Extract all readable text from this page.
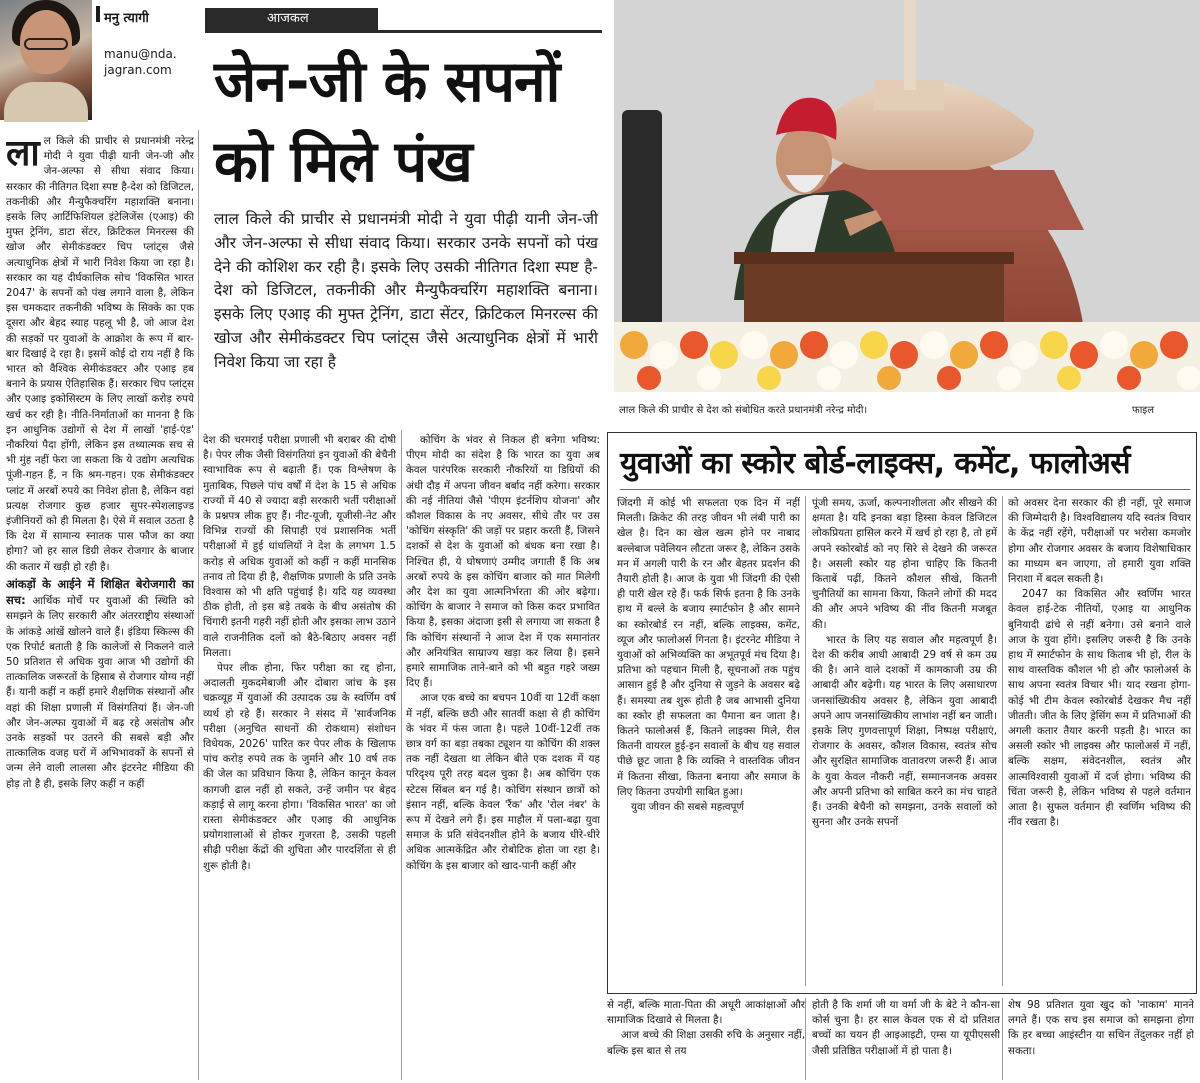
मनु त्यागी
manu@nda.
jagran.com
आजकल
जेन-जी के सपनों को मिले पंख
लाल किले की प्राचीर से प्रधानमंत्री मोदी ने युवा पीढ़ी यानी जेन-जी और जेन-अल्फा से सीधा संवाद किया। सरकार उनके सपनों को पंख देने की कोशिश कर रही है। इसके लिए उसकी नीतिगत दिशा स्पष्ट है-देश को डिजिटल, तकनीकी और मैन्युफैक्चरिंग महाशक्ति बनाना। इसके लिए एआइ की मुफ्त ट्रेनिंग, डाटा सेंटर, क्रिटिकल मिनरल्स की खोज और सेमीकंडक्टर चिप प्लांट्स जैसे अत्याधुनिक क्षेत्रों में भारी निवेश किया जा रहा है
लाल किले की प्राचीर से देश को संबोधित करते प्रधानमंत्री नरेन्द्र मोदी।	फाइल
ला ल किले की प्राचीर से प्रधानमंत्री नरेन्द्र मोदी ने युवा पीढ़ी यानी जेन-जी और जेन-अल्फा से सीधा संवाद किया। सरकार की नीतिगत दिशा स्पष्ट है-देश को डिजिटल, तकनीकी और मैन्युफैक्चरिंग महाशक्ति बनाना। इसके लिए आर्टिफिशियल इंटेलिजेंस (एआइ) की मुफ्त ट्रेनिंग, डाटा सेंटर, क्रिटिकल मिनरल्स की खोज और सेमीकंडक्टर चिप प्लांट्स जैसे अत्याधुनिक क्षेत्रों में भारी निवेश किया जा रहा है। सरकार का यह दीर्घकालिक सोच 'विकसित भारत 2047' के सपनों को पंख लगाने वाला है, लेकिन इस चमकदार तकनीकी भविष्य के सिक्के का एक दूसरा और बेहद स्याह पहलू भी है, जो आज देश की सड़कों पर युवाओं के आक्रोश के रूप में बार-बार दिखाई दे रहा है। इसमें कोई दो राय नहीं है कि भारत को वैश्विक सेमीकंडक्टर और एआइ हब बनाने के प्रयास ऐतिहासिक हैं। सरकार चिप प्लांट्स और एआइ इकोसिस्टम के लिए लाखों करोड़ रुपये खर्च कर रही है। नीति-निर्माताओं का मानना है कि इन आधुनिक उद्योगों से देश में लाखों 'हाई-एंड' नौकरियां पैदा होंगी, लेकिन इस तथ्यात्मक सच से भी मुंह नहीं फेरा जा सकता कि ये उद्योग अत्यधिक पूंजी-गहन हैं, न कि श्रम-गहन। एक सेमीकंडक्टर प्लांट में अरबों रुपये का निवेश होता है, लेकिन वहां प्रत्यक्ष रोजगार कुछ हजार सुपर-स्पेशलाइज्ड इंजीनियरों को ही मिलता है। ऐसे में सवाल उठता है कि देश में सामान्य स्नातक पास फौज का क्या होगा? जो हर साल डिग्री लेकर रोजगार के बाजार की कतार में खड़ी हो रही है।

आंकड़ों के आईने में शिक्षित बेरोजगारी का सच: आर्थिक मोर्चे पर युवाओं की स्थिति को समझने के लिए सरकारी और अंतरराष्ट्रीय संस्थाओं के आंकड़े आंखें खोलने वाले हैं। इंडिया स्किल्स की एक रिपोर्ट बताती है कि कालेजों से निकलने वाले 50 प्रतिशत से अधिक युवा आज भी उद्योगों की तात्कालिक जरूरतों के हिसाब से रोजगार योग्य नहीं हैं। यानी कहीं न कहीं हमारे शैक्षणिक संस्थानों और वहां की शिक्षा प्रणाली में विसंगतियां हैं। जेन-जी और जेन-अल्फा युवाओं में बढ़ रहे असंतोष और उनके सड़कों पर उतरने की सबसे बड़ी और तात्कालिक वजह घरों में अभिभावकों के सपनों से जन्म लेने वाली लालसा और इंटरनेट मीडिया की होड़ तो है ही, इसके लिए कहीं न कहीं

देश की चरमराई परीक्षा प्रणाली भी बराबर की दोषी है। पेपर लीक जैसी विसंगतियां इन युवाओं की बेचैनी स्वाभाविक रूप से बढ़ाती हैं। एक विश्लेषण के मुताबिक, पिछले पांच वर्षों में देश के 15 से अधिक राज्यों में 40 से ज्यादा बड़ी सरकारी भर्ती परीक्षाओं के प्रश्नपत्र लीक हुए हैं। नीट-यूजी, यूजीसी-नेट और विभिन्न राज्यों की सिपाही एवं प्रशासनिक भर्ती परीक्षाओं में हुई धांधलियों ने देश के लगभग 1.5 करोड़ से अधिक युवाओं को कहीं न कहीं मानसिक तनाव तो दिया ही है, शैक्षणिक प्रणाली के प्रति उनके विश्वास को भी क्षति पहुंचाई है। यदि यह व्यवस्था ठीक होती, तो इस बड़े तबके के बीच असंतोष की चिंगारी इतनी गहरी नहीं होती और इसका लाभ उठाने वाले राजनीतिक दलों को बैठे-बिठाए अवसर नहीं मिलता।

पेपर लीक होना, फिर परीक्षा का रद्द होना, अदालती मुकदमेबाजी और दोबारा जांच के इस चक्रव्यूह में युवाओं की उत्पादक उम्र के स्वर्णिम वर्ष व्यर्थ हो रहे हैं। सरकार ने संसद में 'सार्वजनिक परीक्षा (अनुचित साधनों की रोकथाम) संशोधन विधेयक, 2026' पारित कर पेपर लीक के खिलाफ पांच करोड़ रुपये तक के जुर्माने और 10 वर्ष तक की जेल का प्रविधान किया है, लेकिन कानून केवल कागजी ढाल नहीं हो सकते, उन्हें जमीन पर बेहद कड़ाई से लागू करना होगा। 'विकसित भारत' का जो रास्ता सेमीकंडक्टर और एआइ की आधुनिक प्रयोगशालाओं से होकर गुजरता है, उसकी पहली सीढ़ी परीक्षा केंद्रों की शुचिता और पारदर्शिता से ही शुरू होती है।

कोचिंग के भंवर से निकल ही बनेगा भविष्य: पीएम मोदी का संदेश है कि भारत का युवा अब केवल पारंपरिक सरकारी नौकरियों या डिग्रियों की अंधी दौड़ में अपना जीवन बर्बाद नहीं करेगा। सरकार की नई नीतियां जैसे 'पीएम इंटर्नशिप योजना' और कौशल विकास के नए अवसर, सीधे तौर पर उस 'कोचिंग संस्कृति' की जड़ों पर प्रहार करती हैं, जिसने दशकों से देश के युवाओं को बंधक बना रखा है। निश्चित ही, ये घोषणाएं उम्मीद जगाती हैं कि अब अरबों रुपये के इस कोचिंग बाजार को मात मिलेगी और देश का युवा आत्मनिर्भरता की ओर बढ़ेगा। कोचिंग के बाजार ने समाज को किस कदर प्रभावित किया है, इसका अंदाजा इसी से लगाया जा सकता है कि कोचिंग संस्थानों ने आज देश में एक समानांतर और अनियंत्रित साम्राज्य खड़ा कर लिया है। इसने हमारे सामाजिक ताने-बाने को भी बहुत गहरे जख्म दिए हैं।

आज एक बच्चे का बचपन 10वीं या 12वीं कक्षा में नहीं, बल्कि छठी और सातवीं कक्षा से ही कोचिंग के भंवर में फंस जाता है। पहले 10वीं-12वीं तक छात्र वर्ग का बड़ा तबका ट्यूशन या कोचिंग की शक्ल तक नहीं देखता था लेकिन बीते एक दशक में यह परिदृश्य पूरी तरह बदल चुका है। अब कोचिंग एक स्टेटस सिंबल बन गई है। कोचिंग संस्थान छात्रों को इंसान नहीं, बल्कि केवल 'रैंक' और 'रोल नंबर' के रूप में देखने लगे हैं। इस माहौल में पला-बढ़ा युवा समाज के प्रति संवेदनशील होने के बजाय धीरे-धीरे अधिक आत्मकेंद्रित और रोबोटिक होता जा रहा है। कोचिंग के इस बाजार को खाद-पानी कहीं और

युवाओं का स्कोर बोर्ड-लाइक्स, कमेंट, फालोअर्स

जिंदगी में कोई भी सफलता एक दिन में नहीं मिलती। क्रिकेट की तरह जीवन भी लंबी पारी का खेल है। दिन का खेल खत्म होने पर नाबाद बल्लेबाज पवेलियन लौटता जरूर है, लेकिन उसके मन में अगली पारी के रन और बेहतर प्रदर्शन की तैयारी होती है। आज के युवा भी जिंदगी की ऐसी ही पारी खेल रहे हैं। फर्क सिर्फ इतना है कि उनके हाथ में बल्ले के बजाय स्मार्टफोन है और सामने का स्कोरबोर्ड रन नहीं, बल्कि लाइक्स, कमेंट, व्यूज और फालोअर्स गिनता है। इंटरनेट मीडिया ने युवाओं को अभिव्यक्ति का अभूतपूर्व मंच दिया है। प्रतिभा को पहचान मिली है, सूचनाओं तक पहुंच आसान हुई है और दुनिया से जुड़ने के अवसर बढ़े हैं। समस्या तब शुरू होती है जब आभासी दुनिया का स्कोर ही सफलता का पैमाना बन जाता है। कितने फालोअर्स हैं, कितने लाइक्स मिले, रील कितनी वायरल हुई-इन सवालों के बीच यह सवाल पीछे छूट जाता है कि व्यक्ति ने वास्तविक जीवन में कितना सीखा, कितना बनाया और समाज के लिए कितना उपयोगी साबित हुआ।

युवा जीवन की सबसे महत्वपूर्ण

पूंजी समय, ऊर्जा, कल्पनाशीलता और सीखने की क्षमता है। यदि इनका बड़ा हिस्सा केवल डिजिटल लोकप्रियता हासिल करने में खर्च हो रहा है, तो हमें अपने स्कोरबोर्ड को नए सिरे से देखने की जरूरत है। असली स्कोर यह होना चाहिए कि कितनी किताबें पढ़ीं, कितने कौशल सीखे, कितनी चुनौतियों का सामना किया, कितने लोगों की मदद की और अपने भविष्य की नींव कितनी मजबूत की।

भारत के लिए यह सवाल और महत्वपूर्ण है। देश की करीब आधी आबादी 29 वर्ष से कम उम्र की है। आने वाले दशकों में कामकाजी उम्र की आबादी और बढ़ेगी। यह भारत के लिए असाधारण जनसांख्यिकीय अवसर है, लेकिन युवा आबादी अपने आप जनसांख्यिकीय लाभांश नहीं बन जाती। इसके लिए गुणवत्तापूर्ण शिक्षा, निष्पक्ष परीक्षाएं, रोजगार के अवसर, कौशल विकास, स्वतंत्र सोच और सुरक्षित सामाजिक वातावरण जरूरी हैं। आज के युवा केवल नौकरी नहीं, सम्मानजनक अवसर और अपनी प्रतिभा को साबित करने का मंच चाहते हैं। उनकी बेचैनी को समझना, उनके सवालों को सुनना और उनके सपनों

को अवसर देना सरकार की ही नहीं, पूरे समाज की जिम्मेदारी है। विश्वविद्यालय यदि स्वतंत्र विचार के केंद्र नहीं रहेंगे, परीक्षाओं पर भरोसा कमजोर होगा और रोजगार अवसर के बजाय विशेषाधिकार का माध्यम बन जाएगा, तो हमारी युवा शक्ति निराशा में बदल सकती है।

2047 का विकसित और स्वर्णिम भारत केवल हाई-टेक नीतियों, एआइ या आधुनिक बुनियादी ढांचे से नहीं बनेगा। उसे बनाने वाले आज के युवा होंगे। इसलिए जरूरी है कि उनके हाथ में स्मार्टफोन के साथ किताब भी हो, रील के साथ वास्तविक कौशल भी हो और फालोअर्स के साथ अपना स्वतंत्र विचार भी। याद रखना होगा-कोई भी टीम केवल स्कोरबोर्ड देखकर मैच नहीं जीतती। जीत के लिए ड्रेसिंग रूम में प्रतिभाओं की अगली कतार तैयार करनी पड़ती है। भारत का असली स्कोर भी लाइक्स और फालोअर्स में नहीं, बल्कि सक्षम, संवेदनशील, स्वतंत्र और आत्मविश्वासी युवाओं में दर्ज होगा। भविष्य की चिंता जरूरी है, लेकिन भविष्य से पहले वर्तमान आता है। सुफल वर्तमान ही स्वर्णिम भविष्य की नींव रखता है।

से नहीं, बल्कि माता-पिता की अधूरी आकांक्षाओं और सामाजिक दिखावे से मिलता है।

आज बच्चे की शिक्षा उसकी रुचि के अनुसार नहीं, बल्कि इस बात से तय

होती है कि शर्मा जी या वर्मा जी के बेटे ने कौन-सा कोर्स चुना है। हर साल केवल एक से दो प्रतिशत बच्चों का चयन ही आइआइटी, एम्स या यूपीएससी जैसी प्रतिष्ठित परीक्षाओं में हो पाता है।

शेष 98 प्रतिशत युवा खुद को 'नाकाम' मानने लगते हैं। एक सच इस समाज को समझना होगा कि हर बच्चा आइंस्टीन या सचिन तेंदुलकर नहीं हो सकता।
